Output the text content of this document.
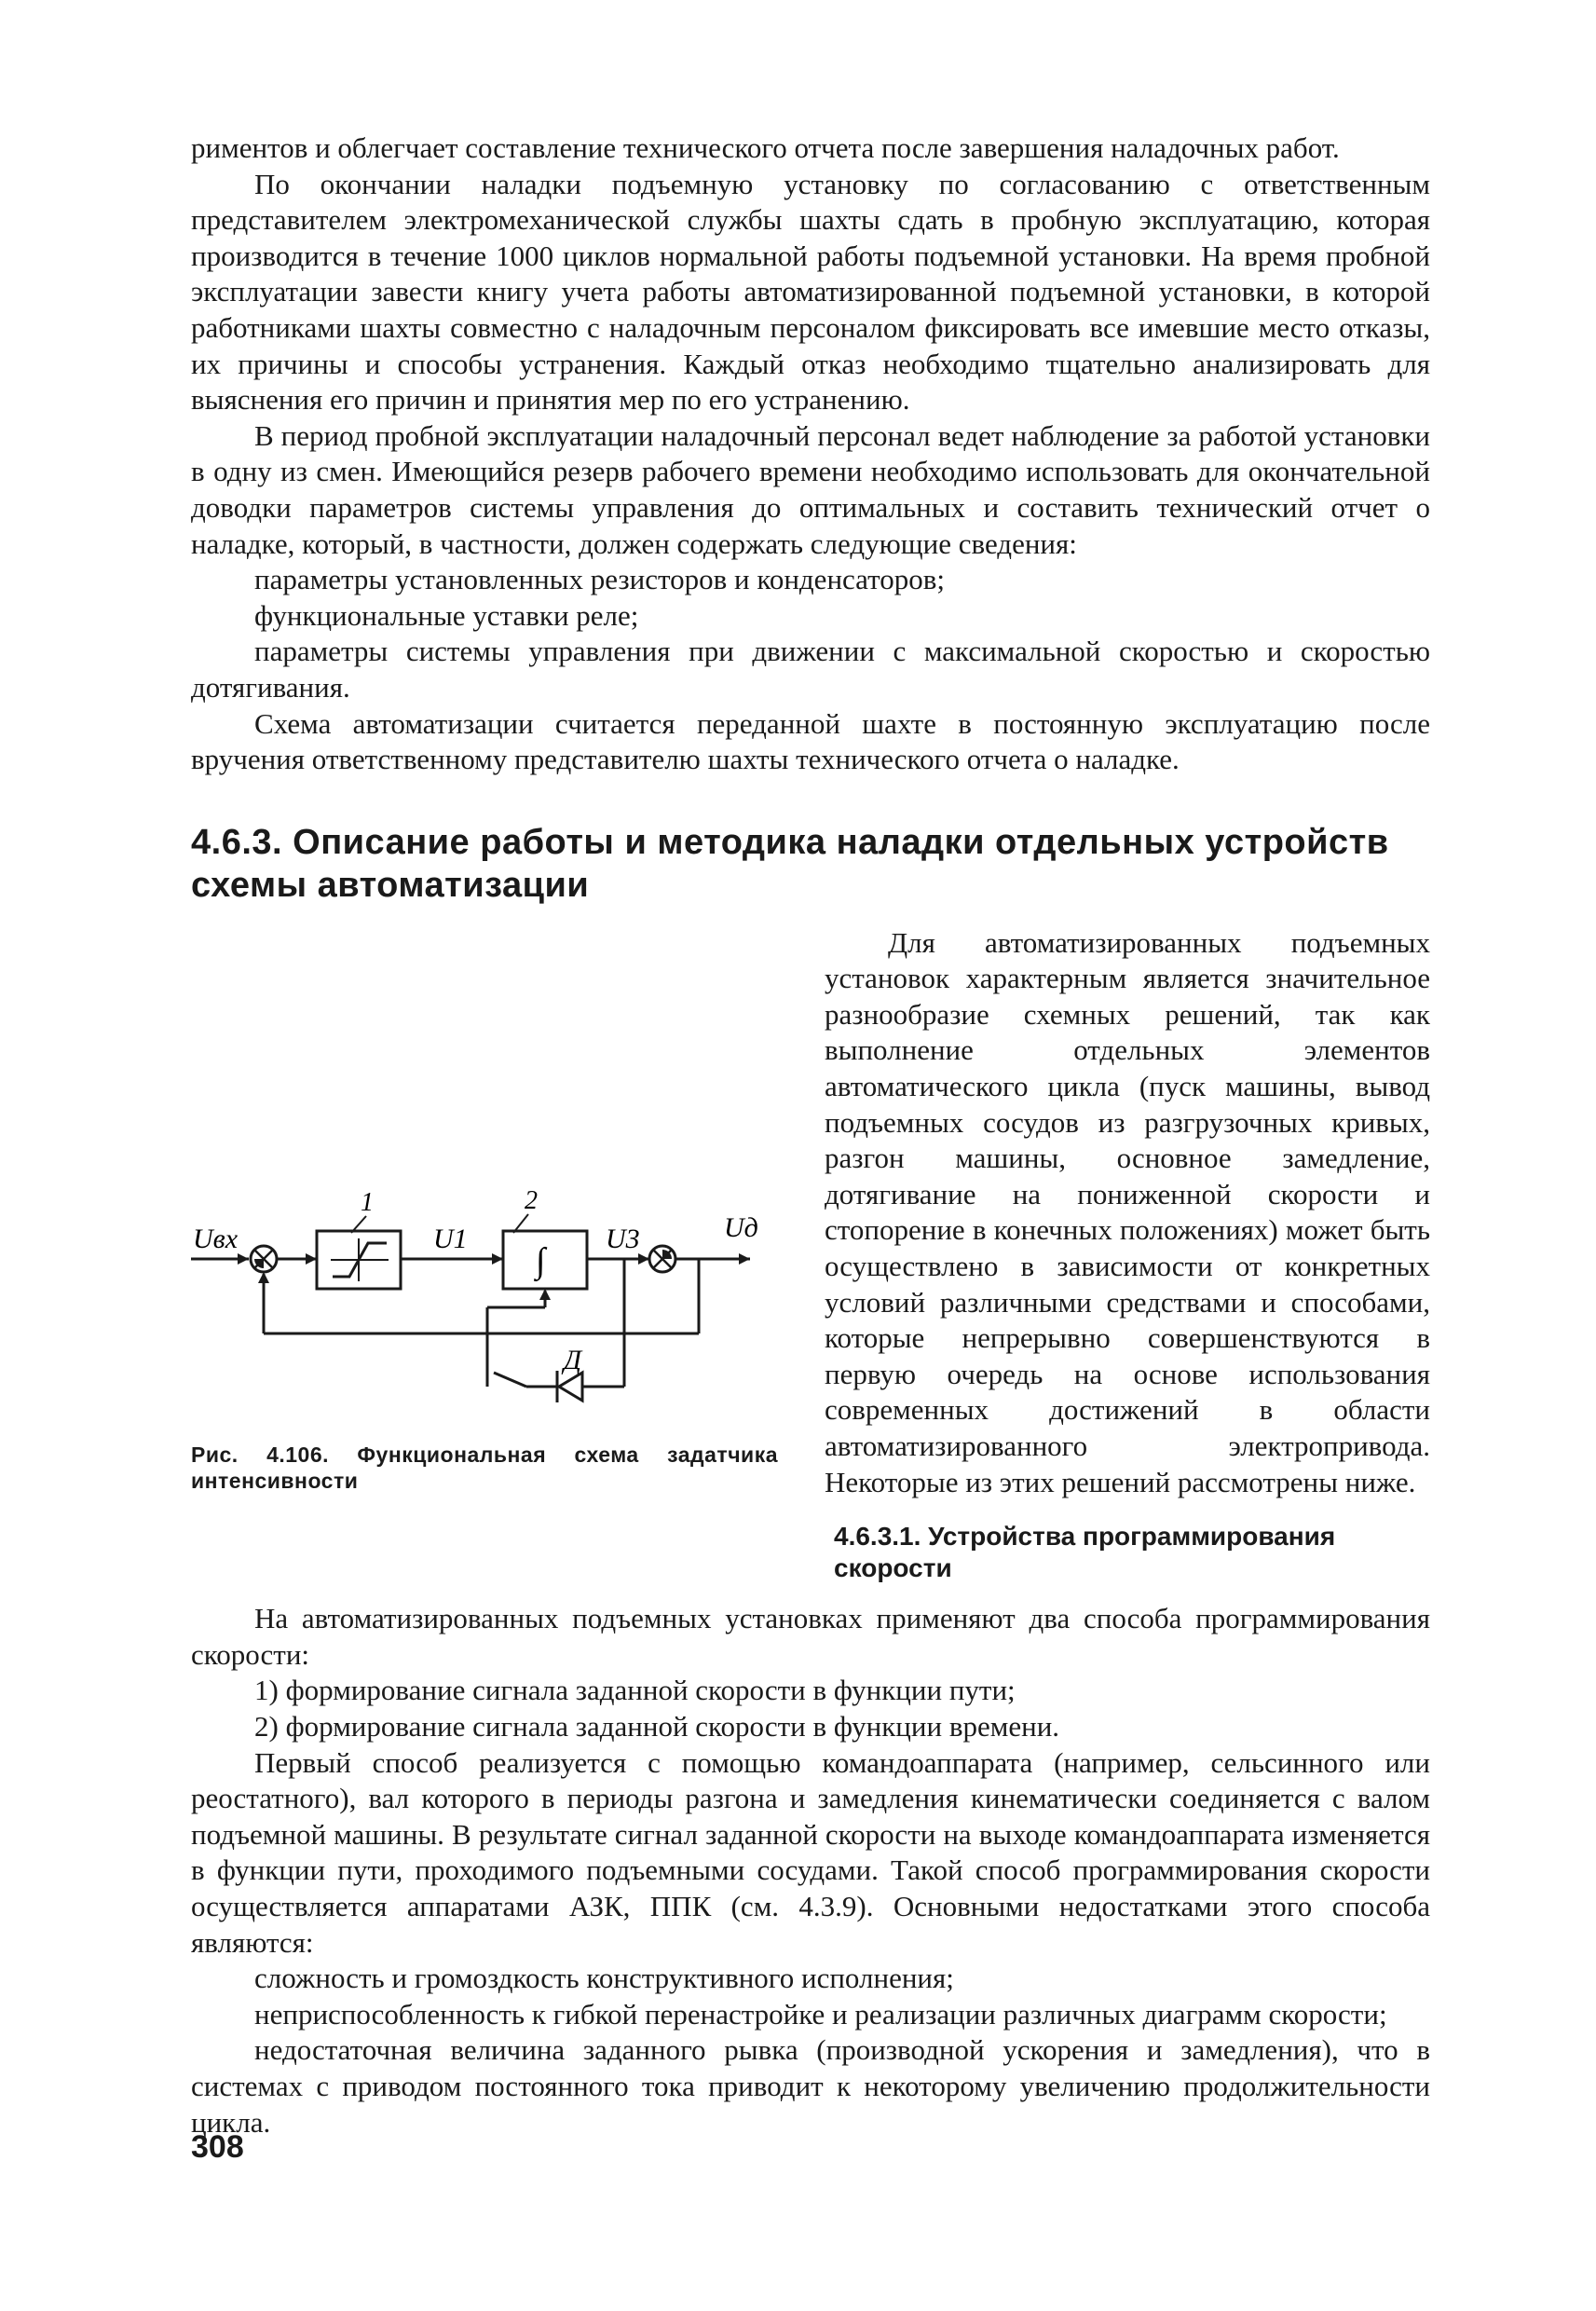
риментов и облегчает составление технического отчета после завершения наладочных работ.

По окончании наладки подъемную установку по согласованию с ответственным представителем электромеханической службы шахты сдать в пробную эксплуатацию, которая производится в течение 1000 циклов нормальной работы подъемной установки. На время пробной эксплуатации завести книгу учета работы автоматизированной подъемной установки, в которой работниками шахты совместно с наладочным персоналом фиксировать все имевшие место отказы, их причины и способы устранения. Каждый отказ необходимо тщательно анализировать для выяснения его причин и принятия мер по его устранению.

В период пробной эксплуатации наладочный персонал ведет наблюдение за работой установки в одну из смен. Имеющийся резерв рабочего времени необходимо использовать для окончательной доводки параметров системы управления до оптимальных и составить технический отчет о наладке, который, в частности, должен содержать следующие сведения:

параметры установленных резисторов и конденсаторов;

функциональные уставки реле;

параметры системы управления при движении с максимальной скоростью и скоростью дотягивания.

Схема автоматизации считается переданной шахте в постоянную эксплуатацию после вручения ответственному представителю шахты технического отчета о наладке.

4.6.3. Описание работы и методика наладки отдельных устройств схемы автоматизации

Uвх
1
U1
∫
2
U3	Uд
Д
Рис. 4.106. Функциональная схема задатчика интенсивности
Для автоматизированных подъемных установок характерным является значительное разнообразие схемных решений, так как выполнение отдельных элементов автоматического цикла (пуск машины, вывод подъемных сосудов из разгрузочных кривых, разгон машины, основное замедление, дотягивание на пониженной скорости и стопорение в конечных положениях) может быть осуществлено в зависимости от конкретных условий различными средствами и способами, которые непрерывно совершенствуются в первую очередь на основе использования современных достижений в области автоматизированного электропривода. Некоторые из этих решений рассмотрены ниже.

4.6.3.1. Устройства программирования скорости

На автоматизированных подъемных установках применяют два способа программирования скорости:

1) формирование сигнала заданной скорости в функции пути;

2) формирование сигнала заданной скорости в функции времени.

Первый способ реализуется с помощью командоаппарата (например, сельсинного или реостатного), вал которого в периоды разгона и замедления кинематически соединяется с валом подъемной машины. В результате сигнал заданной скорости на выходе командоаппарата изменяется в функции пути, проходимого подъемными сосудами. Такой способ программирования скорости осуществляется аппаратами АЗК, ППК (см. 4.3.9). Основными недостатками этого способа являются:

сложность и громоздкость конструктивного исполнения;

неприспособленность к гибкой перенастройке и реализации различных диаграмм скорости;

недостаточная величина заданного рывка (производной ускорения и замедления), что в системах с приводом постоянного тока приводит к некоторому увеличению продолжительности цикла.

308
